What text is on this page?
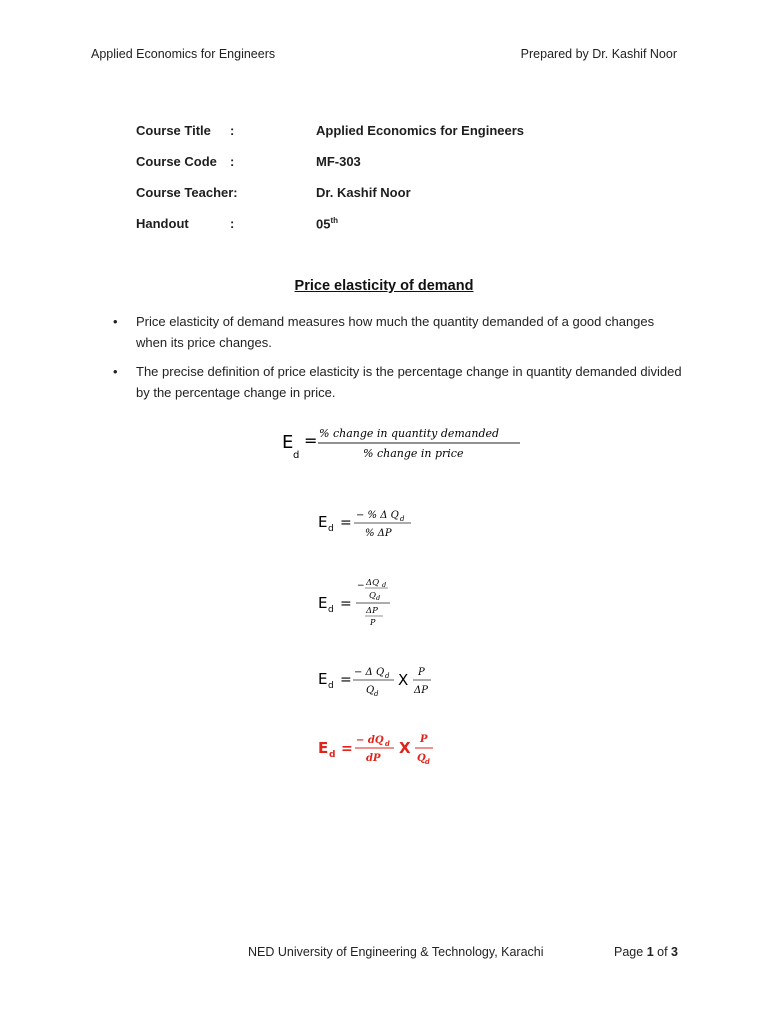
Applied Economics for Engineers	Prepared by Dr. Kashif Noor
Course Title :	Applied Economics for Engineers
Course Code :	MF-303
Course Teacher:	Dr. Kashif Noor
Handout	:	05th
Price elasticity of demand
• Price elasticity of demand measures how much the quantity demanded of a good changes when its price changes.
• The precise definition of price elasticity is the percentage change in quantity demanded divided by the percentage change in price.
E
d
= % change in quantity demanded
% change in price
E d = − % Δ Q d
% ΔP
E d =
− ΔQ d
Q d
ΔP
P
E d = − Δ Q d
Q d
X P
ΔP
E d =
− dQ d
dP
X P
Q d
NED University of Engineering & Technology, Karachi	Page 1 of 3
